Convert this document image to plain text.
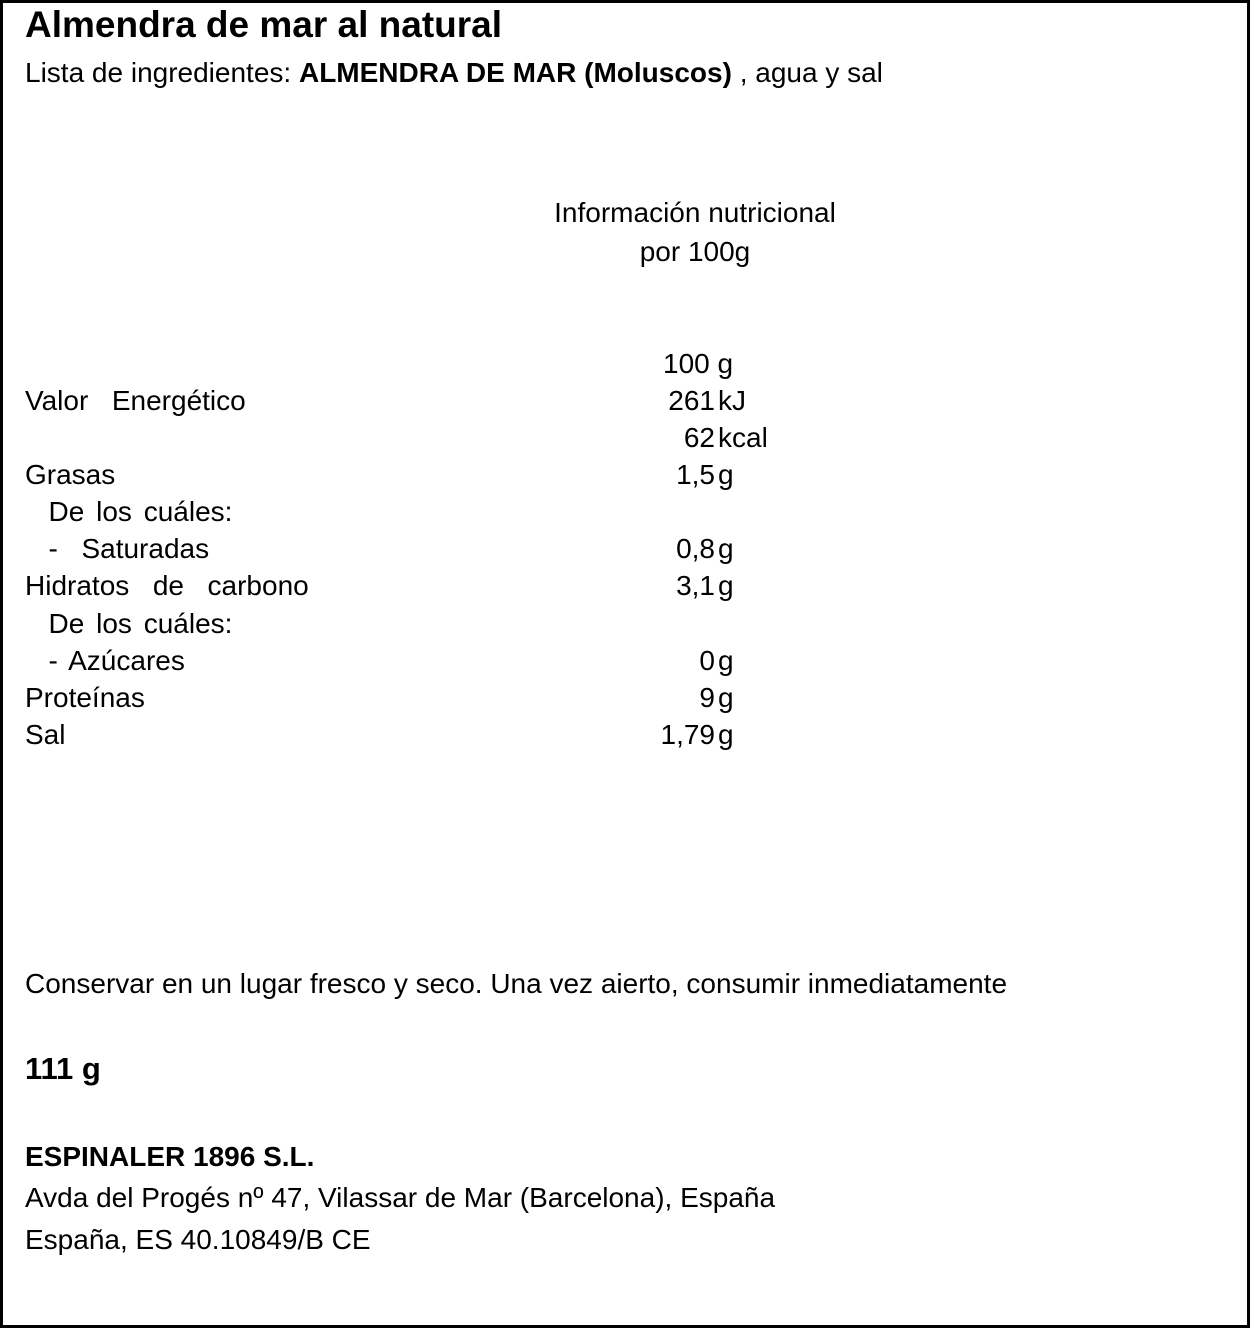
Almendra de mar al natural
Lista de ingredientes: ALMENDRA DE MAR (Moluscos) , agua y sal
Información nutricional
por 100g
100 g
Valor  Energético	261 kJ
62 kcal
Grasas	1,5 g
De los cuáles:
-  Saturadas	0,8 g
Hidratos  de  carbono	3,1 g
De los cuáles:
- Azúcares	0 g
Proteínas	9 g
Sal	1,79 g
Conservar en un lugar fresco y seco. Una vez aierto, consumir inmediatamente
111 g
ESPINALER 1896 S.L.
Avda del Progés nº 47, Vilassar de Mar (Barcelona), España
España, ES 40.10849/B CE
